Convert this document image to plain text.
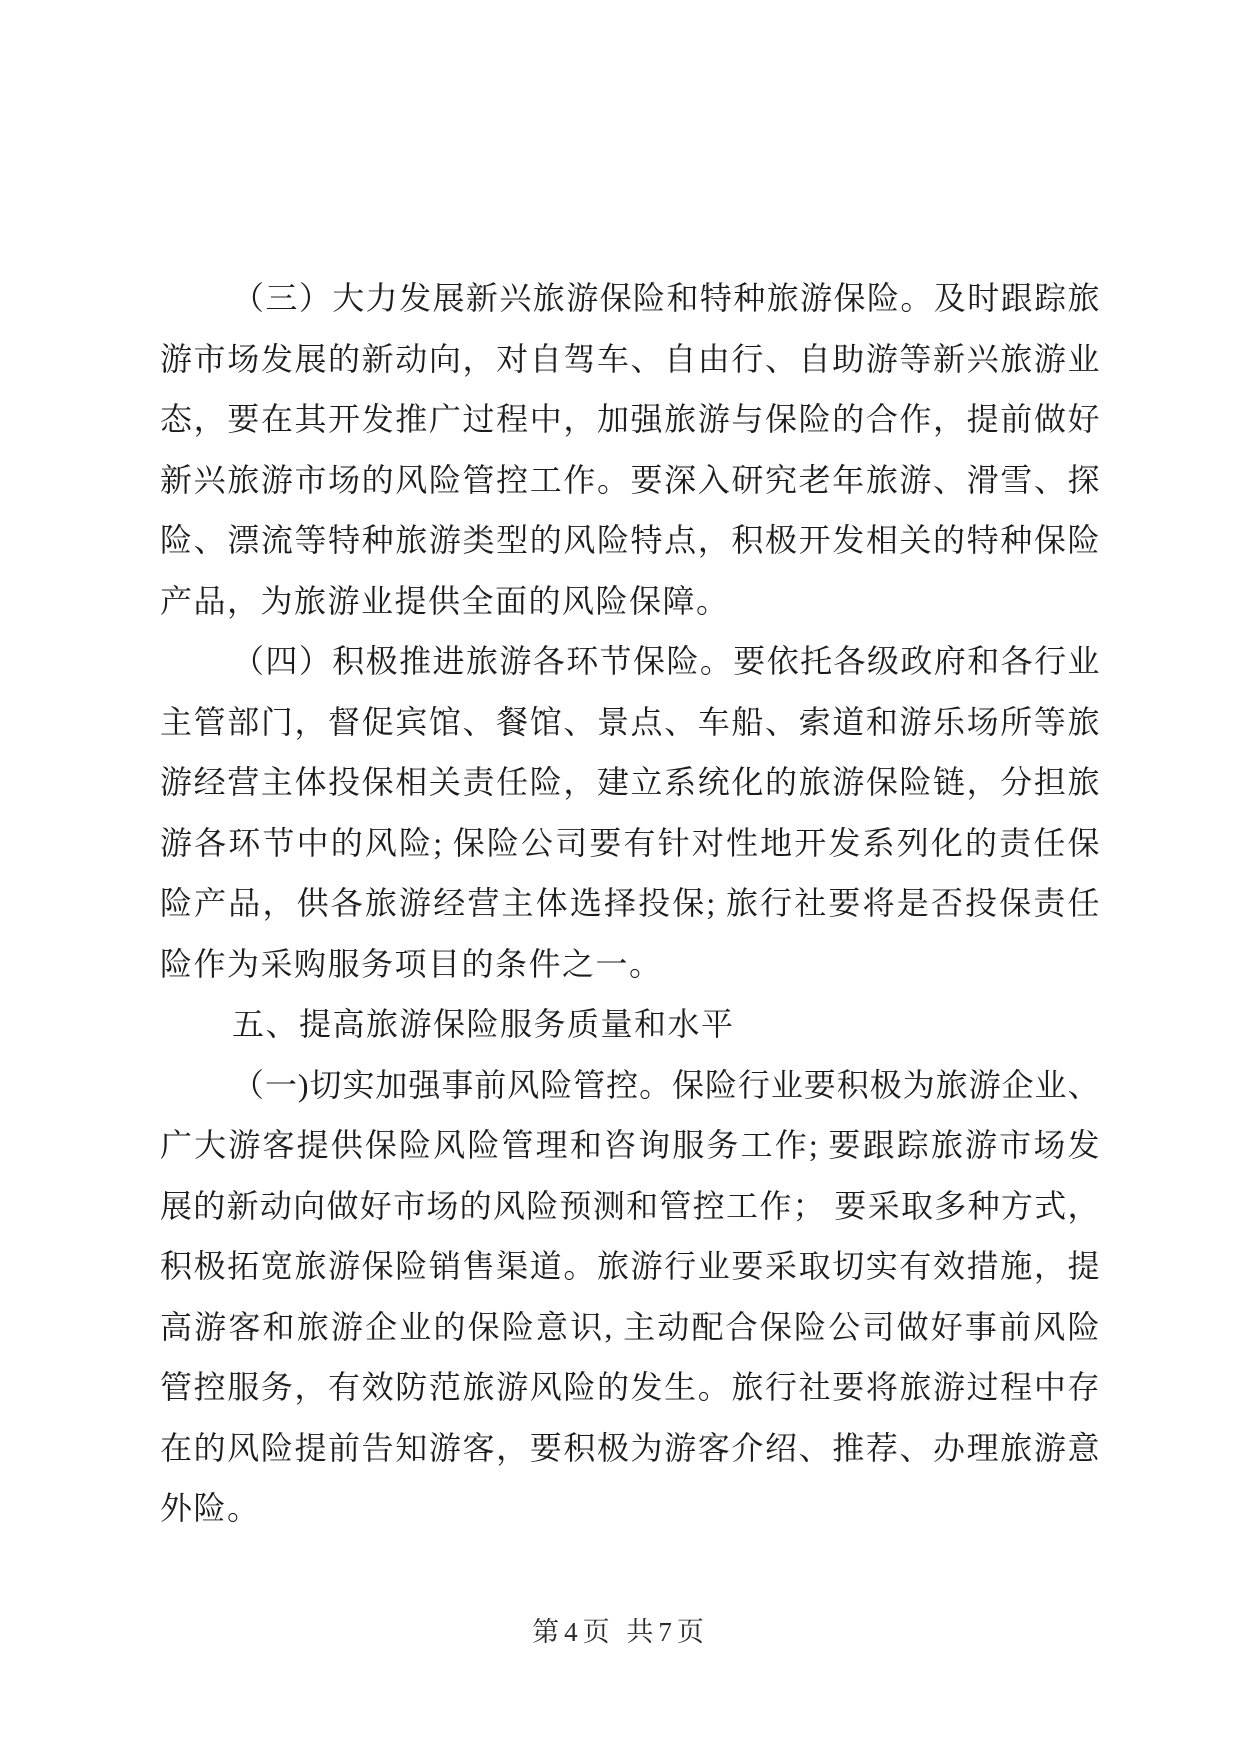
（三）大力发展新兴旅游保险和特种旅游保险。及时跟踪旅
游市场发展的新动向，对自驾车、自由行、自助游等新兴旅游业
态，要在其开发推广过程中，加强旅游与保险的合作，提前做好
新兴旅游市场的风险管控工作。要深入研究老年旅游、滑雪、探
险、漂流等特种旅游类型的风险特点，积极开发相关的特种保险
产品，为旅游业提供全面的风险保障。
（四）积极推进旅游各环节保险。要依托各级政府和各行业
主管部门，督促宾馆、餐馆、景点、车船、索道和游乐场所等旅
游经营主体投保相关责任险，建立系统化的旅游保险链，分担旅
游各环节中的风险; 保险公司要有针对性地开发系列化的责任保
险产品，供各旅游经营主体选择投保; 旅行社要将是否投保责任
险作为采购服务项目的条件之一。
五、提高旅游保险服务质量和水平
（一)切实加强事前风险管控。保险行业要积极为旅游企业、
广大游客提供保险风险管理和咨询服务工作; 要跟踪旅游市场发
展的新动向做好市场的风险预测和管控工作； 要采取多种方式，
积极拓宽旅游保险销售渠道。旅游行业要采取切实有效措施，提
高游客和旅游企业的保险意识, 主动配合保险公司做好事前风险
管控服务，有效防范旅游风险的发生。旅行社要将旅游过程中存
在的风险提前告知游客，要积极为游客介绍、推荐、办理旅游意
外险。
第4页 共7页
